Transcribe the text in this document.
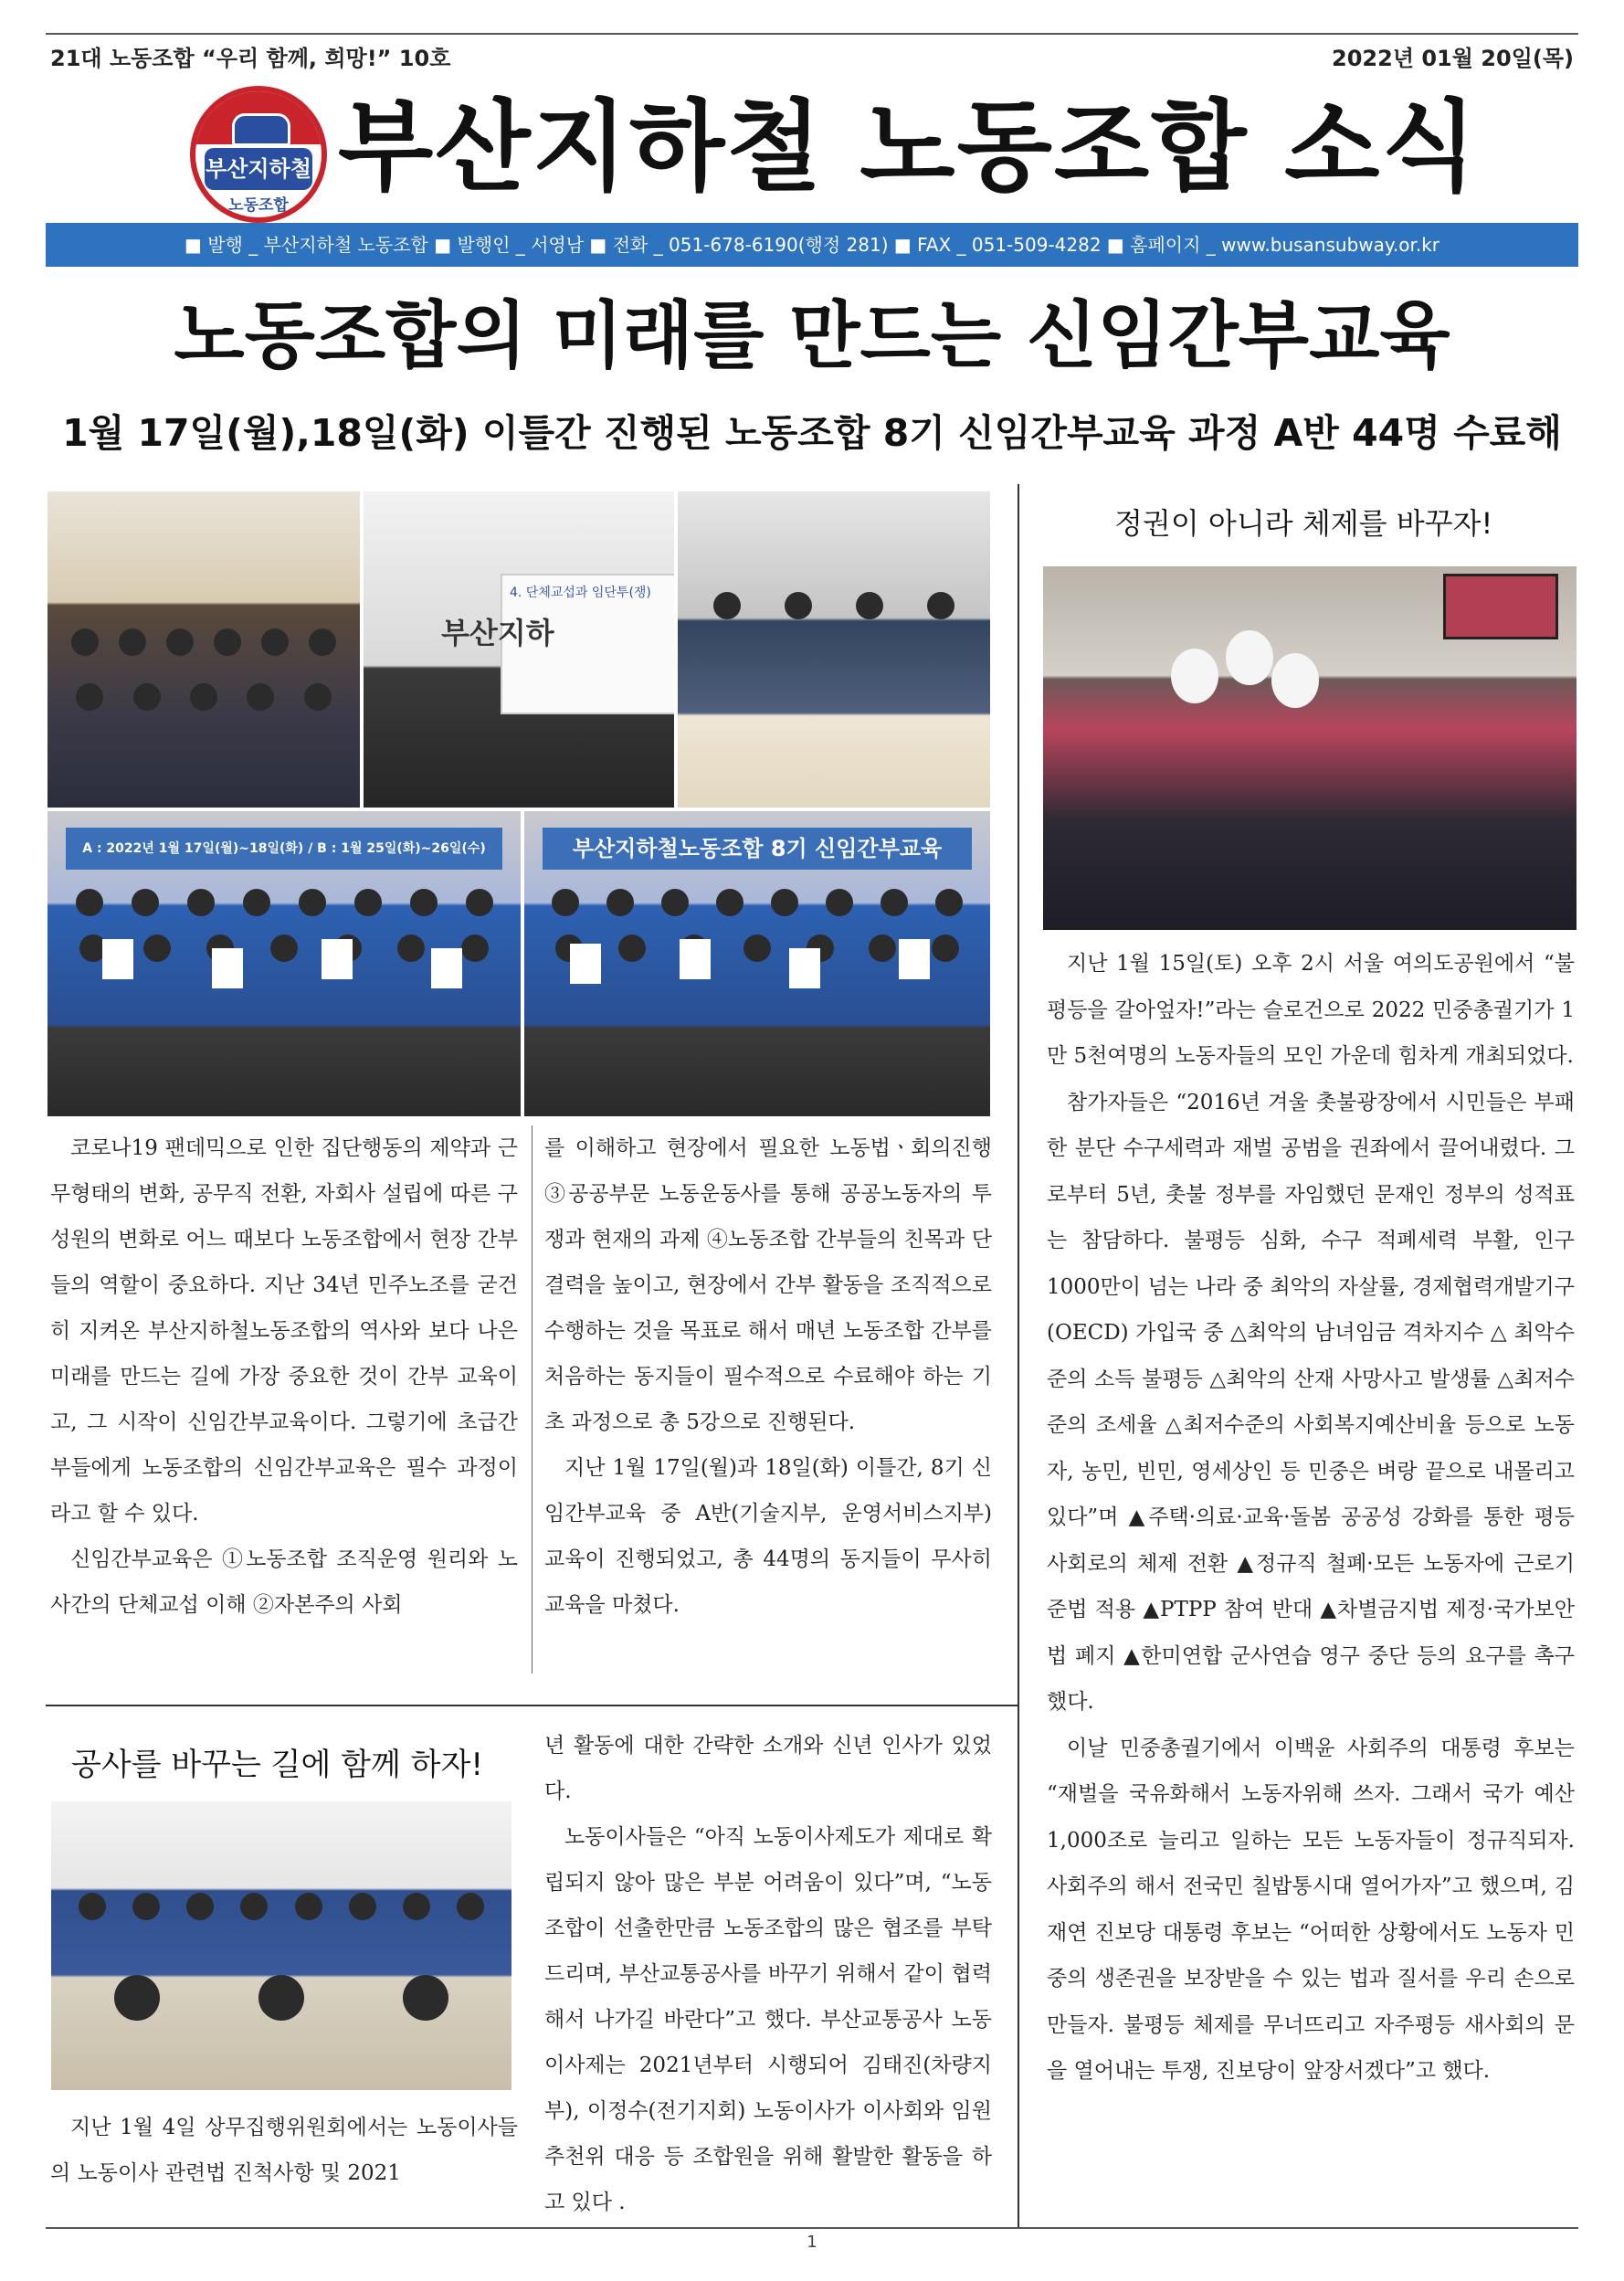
21대 노동조합 “우리 함께, 희망!” 10호	2022년 01월 20일(목)
부산지하철
노동조합
부산지하철 노동조합 소식
■ 발행 _ 부산지하철 노동조합 ■ 발행인 _ 서영남 ■ 전화 _ 051-678-6190(행정 281) ■ FAX _ 051-509-4282 ■ 홈페이지 _ www.busansubway.or.kr
노동조합의 미래를 만드는 신임간부교육
1월 17일(월),18일(화) 이틀간 진행된 노동조합 8기 신임간부교육 과정 A반 44명 수료해
4. 단체교섭과 임단투(쟁)
부산지하
A : 2022년 1월 17일(월)~18일(화) / B : 1월 25일(화)~26일(수)	부산지하철노동조합 8기 신임간부교육

코로나19 팬데믹으로 인한 집단행동의 제약과 근무형태의 변화, 공무직 전환, 자회사 설립에 따른 구성원의 변화로 어느 때보다 노동조합에서 현장 간부들의 역할이 중요하다. 지난 34년 민주노조를 굳건히 지켜온 부산지하철노동조합의 역사와 보다 나은 미래를 만드는 길에 가장 중요한 것이 간부 교육이고, 그 시작이 신임간부교육이다. 그렇기에 초급간부들에게 노동조합의 신임간부교육은 필수 과정이라고 할 수 있다.

신임간부교육은 ①노동조합 조직운영 원리와 노사간의 단체교섭 이해 ②자본주의 사회

를 이해하고 현장에서 필요한 노동법ㆍ회의진행 ③공공부문 노동운동사를 통해 공공노동자의 투쟁과 현재의 과제 ④노동조합 간부들의 친목과 단결력을 높이고, 현장에서 간부 활동을 조직적으로 수행하는 것을 목표로 해서 매년 노동조합 간부를 처음하는 동지들이 필수적으로 수료해야 하는 기초 과정으로 총 5강으로 진행된다.

지난 1월 17일(월)과 18일(화) 이틀간, 8기 신임간부교육 중 A반(기술지부, 운영서비스지부) 교육이 진행되었고, 총 44명의 동지들이 무사히 교육을 마쳤다.

공사를 바꾸는 길에 함께 하자!

지난 1월 4일 상무집행위원회에서는 노동이사들의 노동이사 관련법 진척사항 및 2021

년 활동에 대한 간략한 소개와 신년 인사가 있었다.

노동이사들은 “아직 노동이사제도가 제대로 확립되지 않아 많은 부분 어려움이 있다”며, “노동조합이 선출한만큼 노동조합의 많은 협조를 부탁드리며, 부산교통공사를 바꾸기 위해서 같이 협력해서 나가길 바란다”고 했다. 부산교통공사 노동이사제는 2021년부터 시행되어 김태진(차량지부), 이정수(전기지회) 노동이사가 이사회와 임원추천위 대응 등 조합원을 위해 활발한 활동을 하고 있다 .

정권이 아니라 체제를 바꾸자!

지난 1월 15일(토) 오후 2시 서울 여의도공원에서 “불평등을 갈아엎자!”라는 슬로건으로 2022 민중총궐기가 1만 5천여명의 노동자들의 모인 가운데 힘차게 개최되었다.

참가자들은 “2016년 겨울 촛불광장에서 시민들은 부패한 분단 수구세력과 재벌 공범을 권좌에서 끌어내렸다. 그로부터 5년, 촛불 정부를 자임했던 문재인 정부의 성적표는 참담하다. 불평등 심화, 수구 적폐세력 부활, 인구 1000만이 넘는 나라 중 최악의 자살률, 경제협력개발기구(OECD) 가입국 중 △최악의 남녀임금 격차지수 △ 최악수준의 소득 불평등 △최악의 산재 사망사고 발생률 △최저수준의 조세율 △최저수준의 사회복지예산비율 등으로 노동자, 농민, 빈민, 영세상인 등 민중은 벼랑 끝으로 내몰리고 있다”며 ▲주택·의료·교육·돌봄 공공성 강화를 통한 평등 사회로의 체제 전환 ▲정규직 철폐·모든 노동자에 근로기준법 적용 ▲PTPP 참여 반대 ▲차별금지법 제정·국가보안법 폐지 ▲한미연합 군사연습 영구 중단 등의 요구를 촉구했다.

이날 민중총궐기에서 이백윤 사회주의 대통령 후보는 “재벌을 국유화해서 노동자위해 쓰자. 그래서 국가 예산 1,000조로 늘리고 일하는 모든 노동자들이 정규직되자. 사회주의 해서 전국민 칠밥통시대 열어가자”고 했으며, 김재연 진보당 대통령 후보는 “어떠한 상황에서도 노동자 민중의 생존권을 보장받을 수 있는 법과 질서를 우리 손으로 만들자. 불평등 체제를 무너뜨리고 자주평등 새사회의 문을 열어내는 투쟁, 진보당이 앞장서겠다”고 했다.

1
